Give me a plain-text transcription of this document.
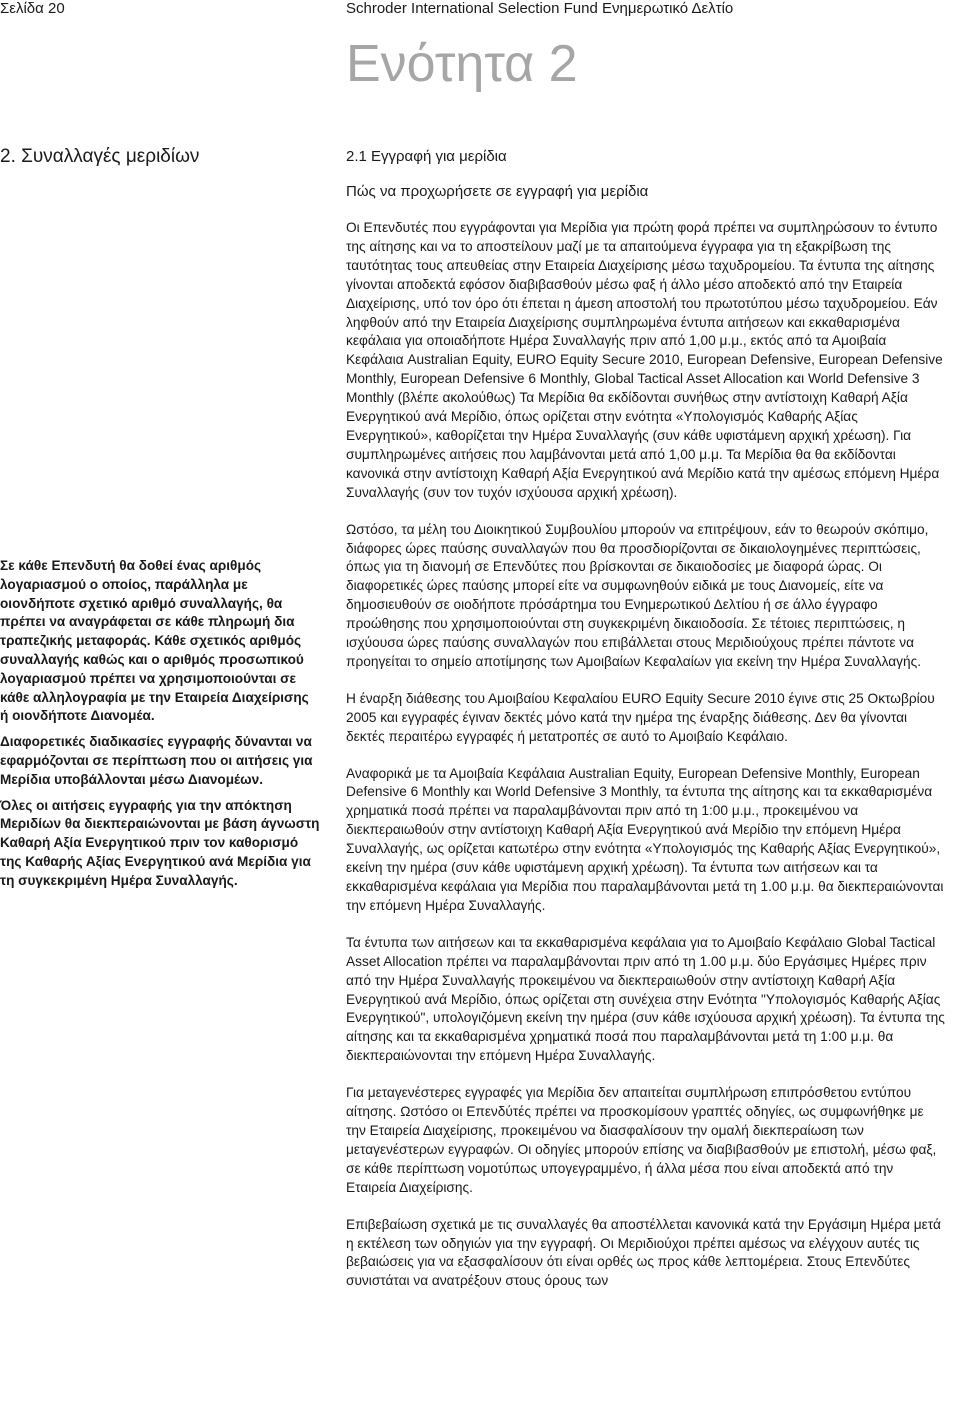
Σελίδα 20	Schroder International Selection Fund Ενημερωτικό Δελτίο
Ενότητα 2
2. Συναλλαγές μεριδίων	2.1 Εγγραφή για μερίδια
Πώς να προχωρήσετε σε εγγραφή για μερίδια

Σε κάθε Επενδυτή θα δοθεί ένας αριθμός λογαριασμού ο οποίος, παράλληλα με οιονδήποτε σχετικό αριθμό συναλλαγής, θα πρέπει να αναγράφεται σε κάθε πληρωμή δια τραπεζικής μεταφοράς. Κάθε σχετικός αριθμός συναλλαγής καθώς και ο αριθμός προσωπικού λογαριασμού πρέπει να χρησιμοποιούνται σε κάθε αλληλογραφία με την Εταιρεία Διαχείρισης ή οιονδήποτε Διανομέα.

Διαφορετικές διαδικασίες εγγραφής δύνανται να εφαρμόζονται σε περίπτωση που οι αιτήσεις για Μερίδια υποβάλλονται μέσω Διανομέων.

Όλες οι αιτήσεις εγγραφής για την απόκτηση Μεριδίων θα διεκπεραιώνονται με βάση άγνωστη Καθαρή Αξία Ενεργητικού πριν τον καθορισμό της Καθαρής Αξίας Ενεργητικού ανά Μερίδια για τη συγκεκριμένη Ημέρα Συναλλαγής.

Οι Επενδυτές που εγγράφονται για Μερίδια για πρώτη φορά πρέπει να συμπληρώσουν το έντυπο της αίτησης και να το αποστείλουν μαζί με τα απαιτούμενα έγγραφα για τη εξακρίβωση της ταυτότητας τους απευθείας στην Εταιρεία Διαχείρισης μέσω ταχυδρομείου. Τα έντυπα της αίτησης γίνονται αποδεκτά εφόσον διαβιβασθούν μέσω φαξ ή άλλο μέσο αποδεκτό από την Εταιρεία Διαχείρισης, υπό τον όρο ότι έπεται η άμεση αποστολή του πρωτοτύπου μέσω ταχυδρομείου. Εάν ληφθούν από την Εταιρεία Διαχείρισης συμπληρωμένα έντυπα αιτήσεων και εκκαθαρισμένα κεφάλαια για οποιαδήποτε Ημέρα Συναλλαγής πριν από 1,00 μ.μ., εκτός από τα Αμοιβαία Κεφάλαια Australian Equity, EURO Equity Secure 2010, European Defensive, European Defensive Monthly, European Defensive 6 Monthly, Global Tactical Asset Allocation και World Defensive 3 Monthly (βλέπε ακολούθως) Τα Μερίδια θα εκδίδονται συνήθως στην αντίστοιχη Καθαρή Αξία Ενεργητικού ανά Μερίδιο, όπως ορίζεται στην ενότητα «Υπολογισμός Καθαρής Αξίας Ενεργητικού», καθορίζεται την Ημέρα Συναλλαγής (συν κάθε υφιστάμενη αρχική χρέωση). Για συμπληρωμένες αιτήσεις που λαμβάνονται μετά από 1,00 μ.μ. Τα Μερίδια θα θα εκδίδονται κανονικά στην αντίστοιχη Καθαρή Αξία Ενεργητικού ανά Μερίδιο κατά την αμέσως επόμενη Ημέρα Συναλλαγής (συν τον τυχόν ισχύουσα αρχική χρέωση).

Ωστόσο, τα μέλη του Διοικητικού Συμβουλίου μπορούν να επιτρέψουν, εάν το θεωρούν σκόπιμο, διάφορες ώρες παύσης συναλλαγών που θα προσδιορίζονται σε δικαιολογημένες περιπτώσεις, όπως για τη διανομή σε Επενδύτες που βρίσκονται σε δικαιοδοσίες με διαφορά ώρας. Οι διαφορετικές ώρες παύσης μπορεί είτε να συμφωνηθούν ειδικά με τους Διανομείς, είτε να δημοσιευθούν σε οιοδήποτε πρόσάρτημα του Ενημερωτικού Δελτίου ή σε άλλο έγγραφο προώθησης που χρησιμοποιούνται στη συγκεκριμένη δικαιοδοσία. Σε τέτοιες περιπτώσεις, η ισχύουσα ώρες παύσης συναλλαγών που επιβάλλεται στους Μεριδιούχους πρέπει πάντοτε να προηγείται το σημείο αποτίμησης των Αμοιβαίων Κεφαλαίων για εκείνη την Ημέρα Συναλλαγής.

Η έναρξη διάθεσης του Αμοιβαίου Κεφαλαίου EURO Equity Secure 2010 έγινε στις 25 Οκτωβρίου 2005 και εγγραφές έγιναν δεκτές μόνο κατά την ημέρα της έναρξης διάθεσης. Δεν θα γίνονται δεκτές περαιτέρω εγγραφές ή μετατροπές σε αυτό το Αμοιβαίο Κεφάλαιο.

Αναφορικά με τα Αμοιβαία Κεφάλαια Australian Equity, European Defensive Monthly, European Defensive 6 Monthly και World Defensive 3 Monthly, τα έντυπα της αίτησης και τα εκκαθαρισμένα χρηματικά ποσά πρέπει να παραλαμβάνονται πριν από τη 1:00 μ.μ., προκειμένου να διεκπεραιωθούν στην αντίστοιχη Καθαρή Αξία Ενεργητικού ανά Μερίδιο την επόμενη Ημέρα Συναλλαγής, ως ορίζεται κατωτέρω στην ενότητα «Υπολογισμός της Καθαρής Αξίας Ενεργητικού», εκείνη την ημέρα (συν κάθε υφιστάμενη αρχική χρέωση). Τα έντυπα των αιτήσεων και τα εκκαθαρισμένα κεφάλαια για Μερίδια που παραλαμβάνονται μετά τη 1.00 μ.μ. θα διεκπεραιώνονται την επόμενη Ημέρα Συναλλαγής.

Τα έντυπα των αιτήσεων και τα εκκαθαρισμένα κεφάλαια για το Αμοιβαίο Κεφάλαιο Global Tactical Asset Allocation πρέπει να παραλαμβάνονται πριν από τη 1.00 μ.μ. δύο Εργάσιμες Ημέρες πριν από την Ημέρα Συναλλαγής προκειμένου να διεκπεραιωθούν στην αντίστοιχη Καθαρή Αξία Ενεργητικού ανά Μερίδιο, όπως ορίζεται στη συνέχεια στην Ενότητα "Υπολογισμός Καθαρής Αξίας Ενεργητικού", υπολογιζόμενη εκείνη την ημέρα (συν κάθε ισχύουσα αρχική χρέωση). Τα έντυπα της αίτησης και τα εκκαθαρισμένα χρηματικά ποσά που παραλαμβάνονται μετά τη 1:00 μ.μ. θα διεκπεραιώνονται την επόμενη Ημέρα Συναλλαγής.

Για μεταγενέστερες εγγραφές για Μερίδια δεν απαιτείται συμπλήρωση επιπρόσθετου εντύπου αίτησης. Ωστόσο οι Επενδύτές πρέπει να προσκομίσουν γραπτές οδηγίες, ως συμφωνήθηκε με την Εταιρεία Διαχείρισης, προκειμένου να διασφαλίσουν την ομαλή διεκπεραίωση των μεταγενέστερων εγγραφών. Οι οδηγίες μπορούν επίσης να διαβιβασθούν με επιστολή, μέσω φαξ, σε κάθε περίπτωση νομοτύπως υπογεγραμμένο, ή άλλα μέσα που είναι αποδεκτά από την Εταιρεία Διαχείρισης.

Επιβεβαίωση σχετικά με τις συναλλαγές θα αποστέλλεται κανονικά κατά την Εργάσιμη Ημέρα μετά η εκτέλεση των οδηγιών για την εγγραφή. Οι Μεριδιούχοι πρέπει αμέσως να ελέγχουν αυτές τις βεβαιώσεις για να εξασφαλίσουν ότι είναι ορθές ως προς κάθε λεπτομέρεια. Στους Επενδύτες συνιστάται να ανατρέξουν στους όρους των
